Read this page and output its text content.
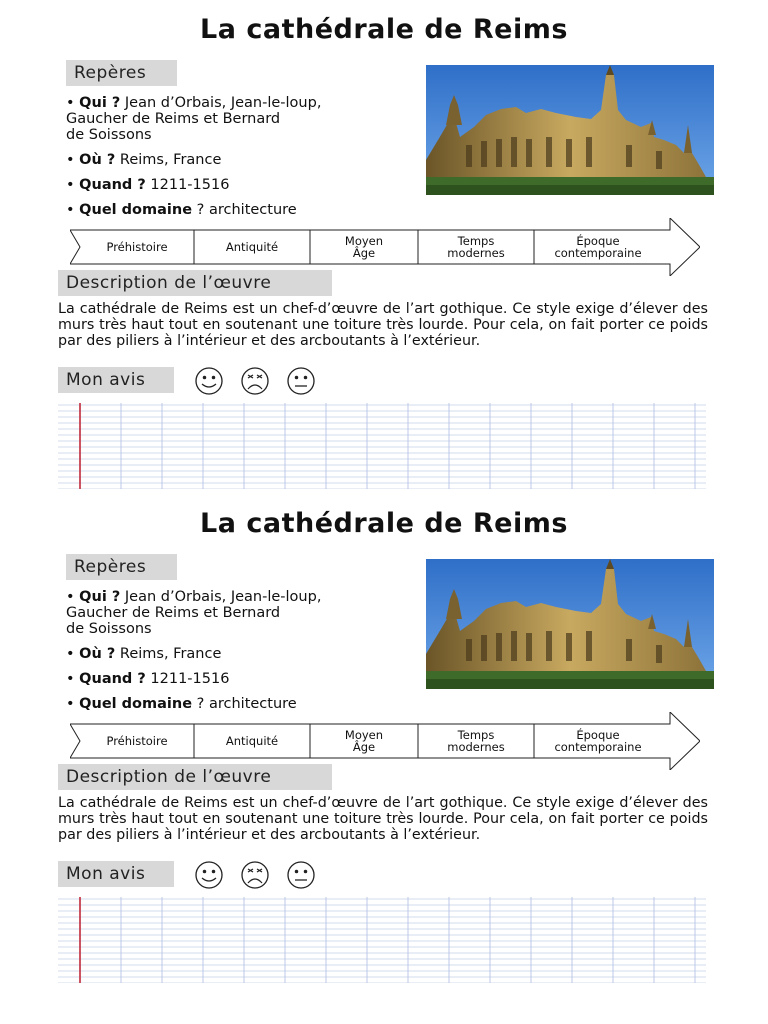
La cathédrale de Reims
Repères

• Qui ? Jean d’Orbais, Jean-le-loup,
Gaucher de Reims et Bernard
de Soissons

• Où ? Reims, France

• Quand ? 1211-1516

• Quel domaine ? architecture

Préhistoire	Antiquité	Moyen
Âge
Temps
modernes
Époque
contemporaine
Description de l’œuvre

La cathédrale de Reims est un chef-d’œuvre de l’art gothique. Ce style exige d’élever des murs très haut tout en soutenant une toiture très lourde. Pour cela, on fait porter ce poids par des piliers à l’intérieur et des arcboutants à l’extérieur.

Mon avis
La cathédrale de Reims
Repères

• Qui ? Jean d’Orbais, Jean-le-loup,
Gaucher de Reims et Bernard
de Soissons

• Où ? Reims, France

• Quand ? 1211-1516

• Quel domaine ? architecture

Préhistoire	Antiquité	Moyen
Âge
Temps
modernes
Époque
contemporaine
Description de l’œuvre

La cathédrale de Reims est un chef-d’œuvre de l’art gothique. Ce style exige d’élever des murs très haut tout en soutenant une toiture très lourde. Pour cela, on fait porter ce poids par des piliers à l’intérieur et des arcboutants à l’extérieur.

Mon avis
